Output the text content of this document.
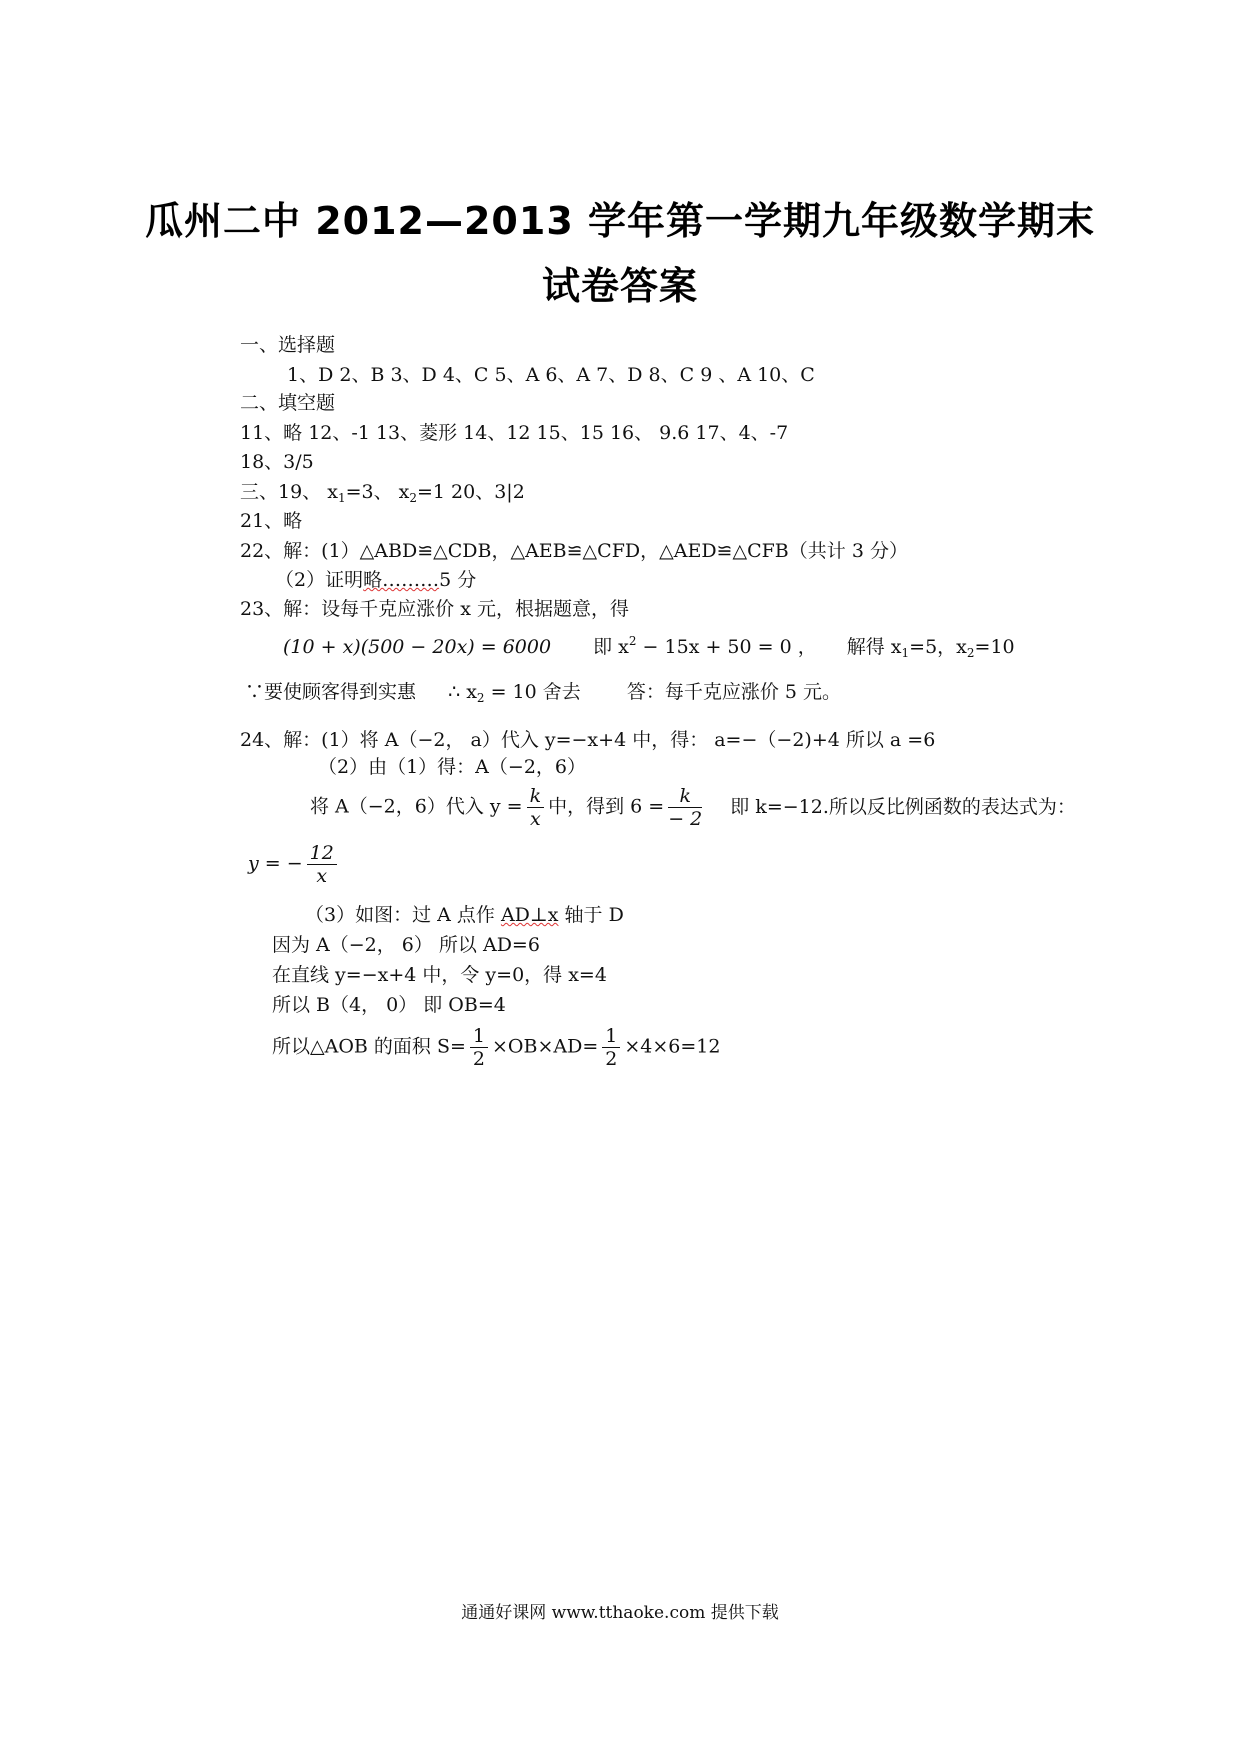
瓜州二中 2012—2013 学年第一学期九年级数学期末
试卷答案
一、选择题
1、D 2、B 3、D 4、C 5、A 6、A 7、D 8、C 9 、A 10、C
二、填空题
11、略 12、-1 13、菱形 14、12 15、15 16、 9.6 17、4、-7
18、3/5
三、19、 $x_1=3$、 $x_2=1$ 20、3|2
21、略
22、解：(1）△ABD≌△CDB，△AEB≌△CFD，△AED≌△CFB（共计 3 分）
（2）证明略………5 分
23、解：设每千克应涨价 x 元，根据题意，得
(10 + x)(500 − 20x) = 6000 即 $x^2 - 15x + 50 = 0$ ， 解得 $x_1=5$，$x_2=10$
∵要使顾客得到实惠 ∴ $x_2 = 10$ 舍去 答：每千克应涨价 5 元。
24、解：(1）将 A（−2， a）代入 y=−x+4 中，得： a=−（−2)+4 所以 a =6
（2）由（1）得：A（−2，6）
将 A（−2，6）代入 $y = \frac{k}{x}$ 中，得到 $6 = \frac{k}{- 2}$ 即 k=−12.所以反比例函数的表达式为：
y = − $\frac{12}{x}$
（3）如图：过 A 点作 AD⊥x 轴于 D
因为 A（−2， 6） 所以 AD=6
在直线 y=−x+4 中，令 y=0，得 x=4
所以 B（4， 0） 即 OB=4
所以△AOB 的面积 $S= \frac{1}{2} \times OB\times AD= \frac{1}{2} \times 4\times 6=12$
通通好课网 www.tthaoke.com 提供下载
